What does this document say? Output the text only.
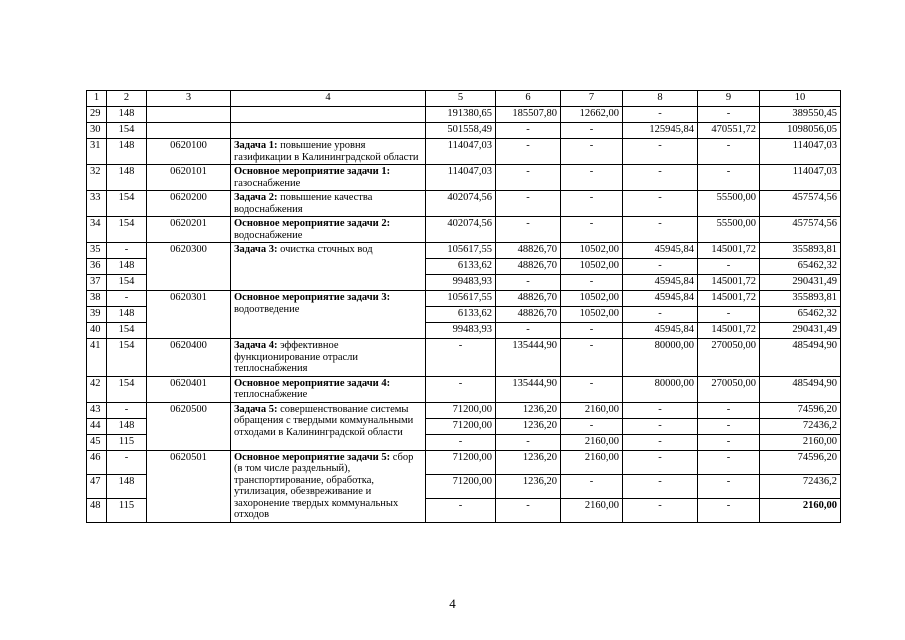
1	2	3	4	5	6	7	8	9	10
29	148			191380,65	185507,80	12662,00	-	-	389550,45
30	154			501558,49	-	-	125945,84	470551,72	1098056,05
31	148	0620100	Задача 1: повышение уровня газификации в Калининградской области	114047,03	-	-	-	-	114047,03
32	148	0620101	Основное мероприятие задачи 1: газоснабжение	114047,03	-	-	-	-	114047,03
33	154	0620200	Задача 2: повышение качества водоснабжения	402074,56	-	-	-	55500,00	457574,56
34	154	0620201	Основное мероприятие задачи 2: водоснабжение	402074,56	-	-	-	55500,00	457574,56
35	-	0620300	Задача 3: очистка сточных вод	105617,55	48826,70	10502,00	45945,84	145001,72	355893,81
36	148			6133,62	48826,70	10502,00	-	-	65462,32
37	154			99483,93	-	-	45945,84	145001,72	290431,49
38	-	0620301	Основное мероприятие задачи 3: водоотведение	105617,55	48826,70	10502,00	45945,84	145001,72	355893,81
39	148			6133,62	48826,70	10502,00	-	-	65462,32
40	154			99483,93	-	-	45945,84	145001,72	290431,49
41	154	0620400	Задача 4: эффективное функционирование отрасли теплоснабжения	-	135444,90	-	80000,00	270050,00	485494,90
42	154	0620401	Основное мероприятие задачи 4: теплоснабжение	-	135444,90	-	80000,00	270050,00	485494,90
43	-	0620500	Задача 5: совершенствование системы обращения с твердыми коммунальными отходами в Калининградской области	71200,00	1236,20	2160,00	-	-	74596,20
44	148			71200,00	1236,20	-	-	-	72436,2
45	115			-	-	2160,00	-	-	2160,00
46	-	0620501	Основное мероприятие задачи 5: сбор (в том числе раздельный), транспортирование, обработка, утилизация, обезвреживание и захоронение твердых коммунальных отходов	71200,00	1236,20	2160,00	-	-	74596,20
47	148			71200,00	1236,20	-	-	-	72436,2
48	115			-	-	2160,00	-	-	2160,00
4
